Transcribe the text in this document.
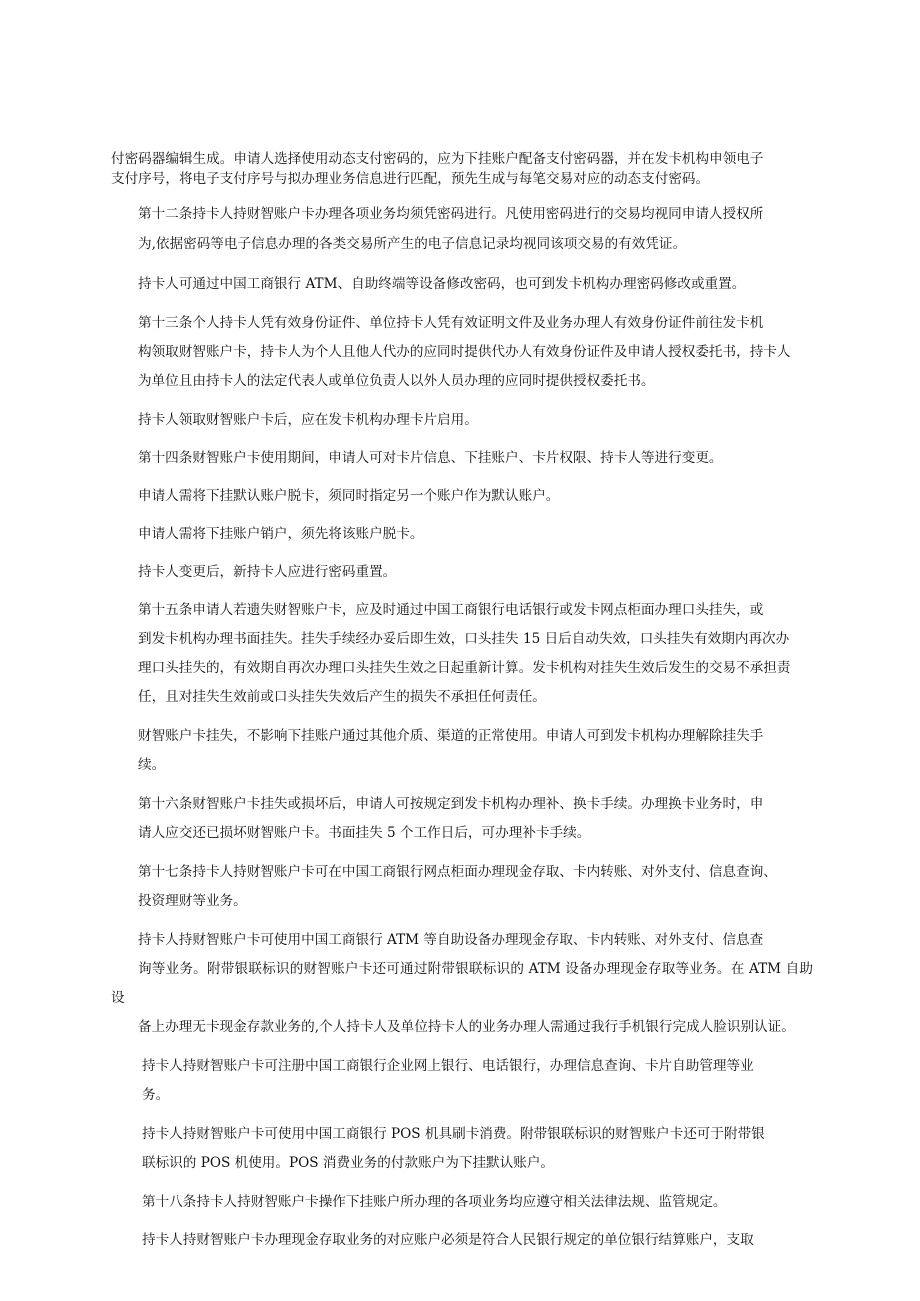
付密码器编辑生成。申请人选择使用动态支付密码的，应为下挂账户配备支付密码器，并在发卡机构申领电子
支付序号，将电子支付序号与拟办理业务信息进行匹配，预先生成与每笔交易对应的动态支付密码。

第十二条持卡人持财智账户卡办理各项业务均须凭密码进行。凡使用密码进行的交易均视同申请人授权所
为,依据密码等电子信息办理的各类交易所产生的电子信息记录均视同该项交易的有效凭证。

持卡人可通过中国工商银行 ATM、自助终端等设备修改密码，也可到发卡机构办理密码修改或重置。

第十三条个人持卡人凭有效身份证件、单位持卡人凭有效证明文件及业务办理人有效身份证件前往发卡机
构领取财智账户卡，持卡人为个人且他人代办的应同时提供代办人有效身份证件及申请人授权委托书，持卡人
为单位且由持卡人的法定代表人或单位负责人以外人员办理的应同时提供授权委托书。

持卡人领取财智账户卡后，应在发卡机构办理卡片启用。

第十四条财智账户卡使用期间，申请人可对卡片信息、下挂账户、卡片权限、持卡人等进行变更。

申请人需将下挂默认账户脱卡，须同时指定另一个账户作为默认账户。

申请人需将下挂账户销户，须先将该账户脱卡。

持卡人变更后，新持卡人应进行密码重置。

第十五条申请人若遗失财智账户卡，应及时通过中国工商银行电话银行或发卡网点柜面办理口头挂失，或
到发卡机构办理书面挂失。挂失手续经办妥后即生效，口头挂失 15 日后自动失效，口头挂失有效期内再次办
理口头挂失的，有效期自再次办理口头挂失生效之日起重新计算。发卡机构对挂失生效后发生的交易不承担责
任，且对挂失生效前或口头挂失失效后产生的损失不承担任何责任。

财智账户卡挂失，不影响下挂账户通过其他介质、渠道的正常使用。申请人可到发卡机构办理解除挂失手
续。

第十六条财智账户卡挂失或损坏后，申请人可按规定到发卡机构办理补、换卡手续。办理换卡业务时，申
请人应交还已损坏财智账户卡。书面挂失 5 个工作日后，可办理补卡手续。

第十七条持卡人持财智账户卡可在中国工商银行网点柜面办理现金存取、卡内转账、对外支付、信息查询、
投资理财等业务。

持卡人持财智账户卡可使用中国工商银行 ATM 等自助设备办理现金存取、卡内转账、对外支付、信息查
询等业务。附带银联标识的财智账户卡还可通过附带银联标识的 ATM 设备办理现金存取等业务。在 ATM 自助设
备上办理无卡现金存款业务的,个人持卡人及单位持卡人的业务办理人需通过我行手机银行完成人脸识别认证。

持卡人持财智账户卡可注册中国工商银行企业网上银行、电话银行，办理信息查询、卡片自助管理等业
务。

持卡人持财智账户卡可使用中国工商银行 POS 机具刷卡消费。附带银联标识的财智账户卡还可于附带银
联标识的 POS 机使用。POS 消费业务的付款账户为下挂默认账户。

第十八条持卡人持财智账户卡操作下挂账户所办理的各项业务均应遵守相关法律法规、监管规定。

持卡人持财智账户卡办理现金存取业务的对应账户必须是符合人民银行规定的单位银行结算账户，支取
